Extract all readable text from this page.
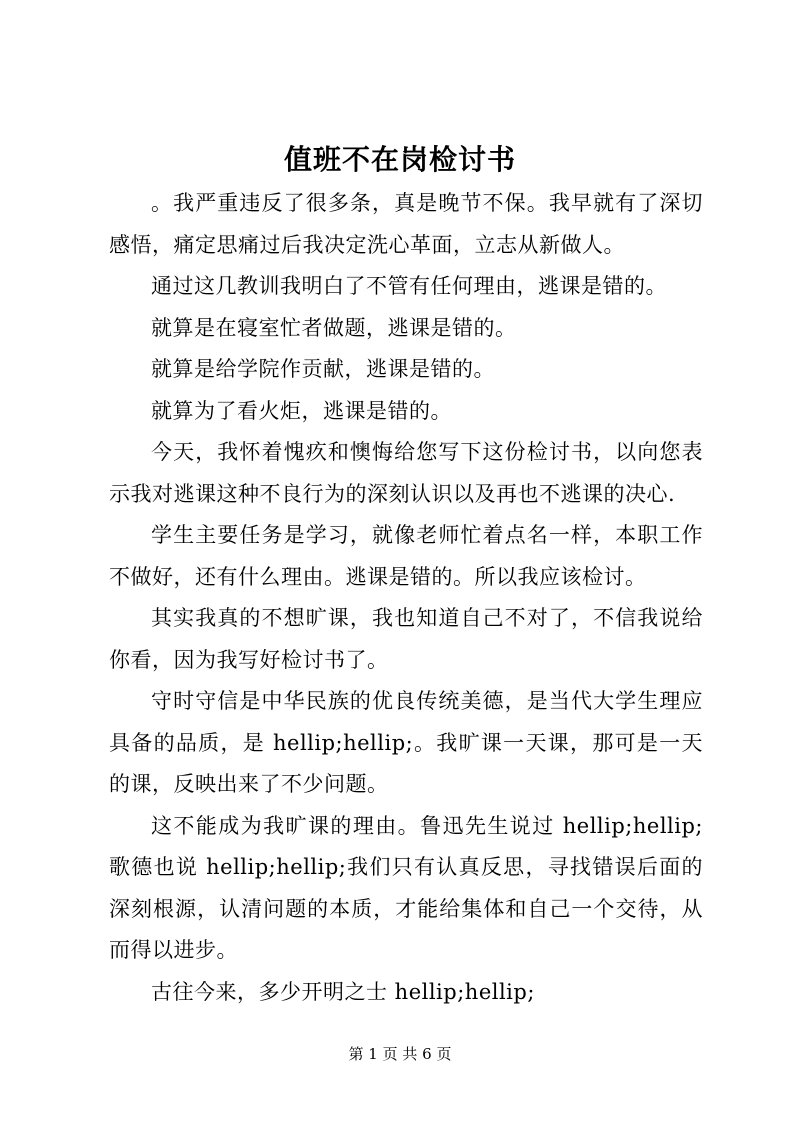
值班不在岗检讨书

。我严重违反了很多条，真是晚节不保。我早就有了深切感悟，痛定思痛过后我决定洗心革面，立志从新做人。

通过这几教训我明白了不管有任何理由，逃课是错的。

就算是在寝室忙者做题，逃课是错的。

就算是给学院作贡献，逃课是错的。

就算为了看火炬，逃课是错的。

今天，我怀着愧疚和懊悔给您写下这份检讨书，以向您表示我对逃课这种不良行为的深刻认识以及再也不逃课的决心.

学生主要任务是学习，就像老师忙着点名一样，本职工作不做好，还有什么理由。逃课是错的。所以我应该检讨。

其实我真的不想旷课，我也知道自己不对了，不信我说给你看，因为我写好检讨书了。

守时守信是中华民族的优良传统美德，是当代大学生理应具备的品质，是 hellip;hellip;。我旷课一天课，那可是一天的课，反映出来了不少问题。

这不能成为我旷课的理由。鲁迅先生说过 hellip;hellip;歌德也说 hellip;hellip;我们只有认真反思，寻找错误后面的深刻根源，认清问题的本质，才能给集体和自己一个交待，从而得以进步。

古往今来，多少开明之士 hellip;hellip;

第 1 页 共 6 页
